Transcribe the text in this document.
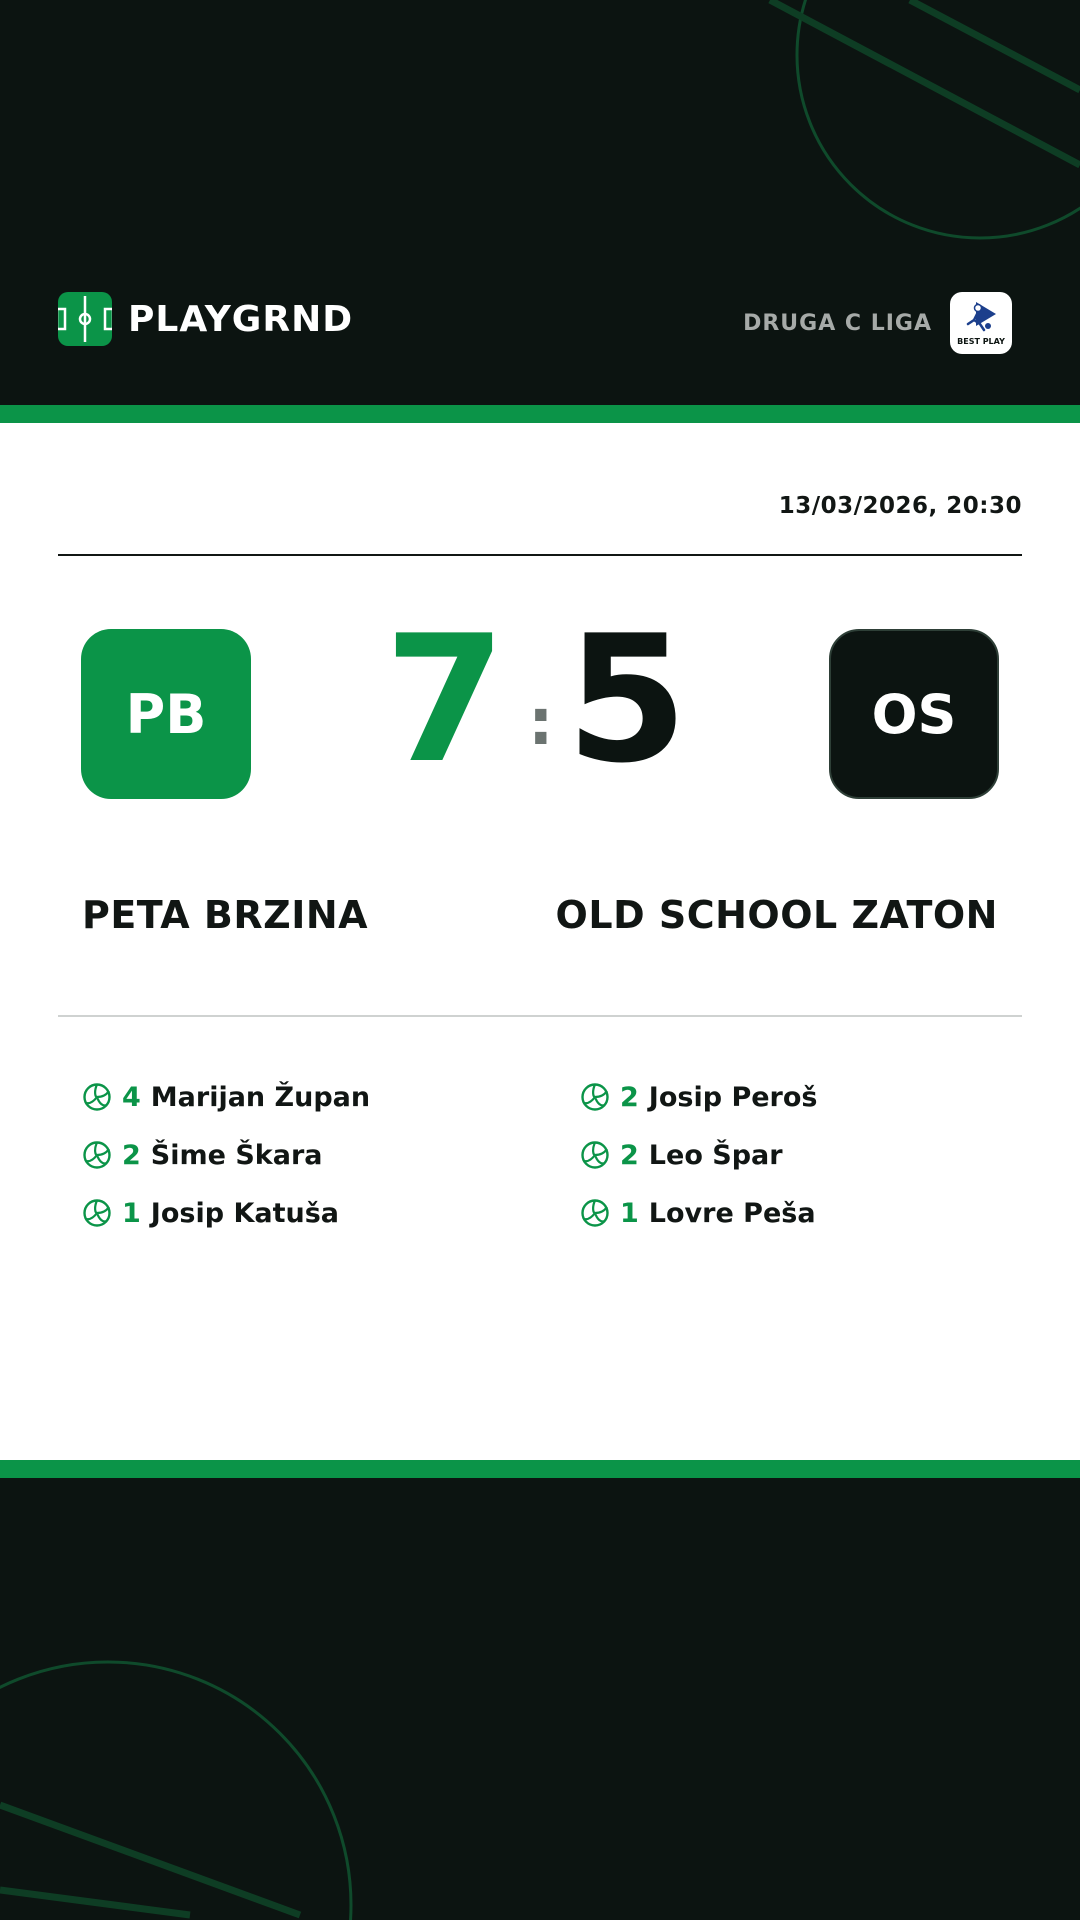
PLAYGRND	DRUGA C LIGA
BEST PLAY
13/03/2026, 20:30
PB 7 : 5	OS
PETA BRZINA	OLD SCHOOL ZATON
4 Marijan Župan
2 Šime Škara
1 Josip Katuša
2 Josip Peroš
2 Leo Špar
1 Lovre Peša
